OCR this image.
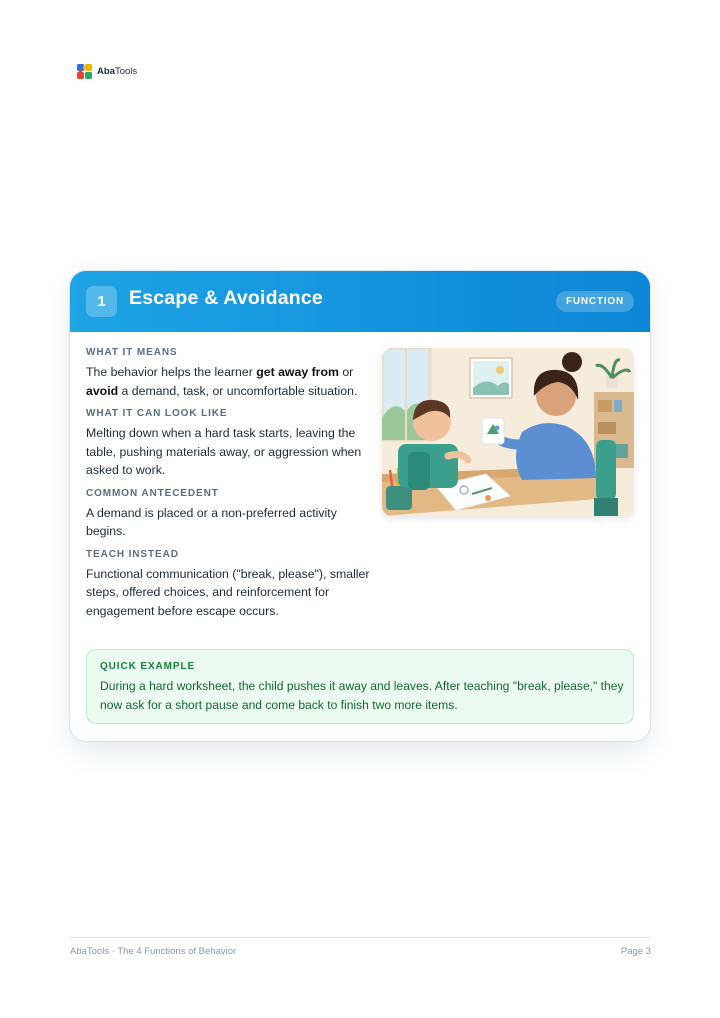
AbaTools
1	Escape & Avoidance	FUNCTION
WHAT IT MEANS
The behavior helps the learner get away from or avoid a demand, task, or uncomfortable situation.
WHAT IT CAN LOOK LIKE
Melting down when a hard task starts, leaving the table, pushing materials away, or aggression when asked to work.
COMMON ANTECEDENT
A demand is placed or a non-preferred activity begins.
TEACH INSTEAD
Functional communication ("break, please"), smaller steps, offered choices, and reinforcement for engagement before escape occurs.
QUICK EXAMPLE
During a hard worksheet, the child pushes it away and leaves. After teaching "break, please," they now ask for a short pause and come back to finish two more items.
AbaTools · The 4 Functions of Behavior	Page 3
